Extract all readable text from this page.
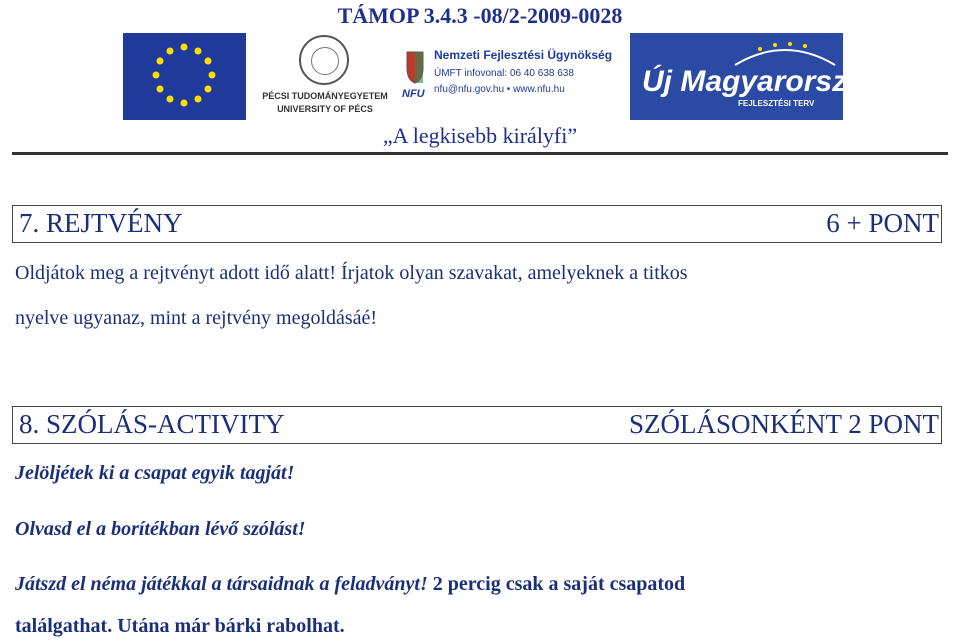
TÁMOP 3.4.3 -08/2-2009-0028
PÉCSI TUDOMÁNYEGYETEM
UNIVERSITY OF PÉCS
NFU
Nemzeti Fejlesztési Ügynökség
ÚMFT infovonal: 06 40 638 638
nfu@nfu.gov.hu • www.nfu.hu	Új Magyarország
FEJLESZTÉSI TERV
„A legkisebb királyfi”
7. REJTVÉNY	6 + PONT
Oldjátok meg a rejtvényt adott idő alatt! Írjatok olyan szavakat, amelyeknek a titkos
nyelve ugyanaz, mint a rejtvény megoldásáé!
8. SZÓLÁS-ACTIVITY	SZÓLÁSONKÉNT 2 PONT
Jelöljétek ki a csapat egyik tagját!
Olvasd el a borítékban lévő szólást!
Játszd el néma játékkal a társaidnak a feladványt! 2 percig csak a saját csapatod
találgathat. Utána már bárki rabolhat.
